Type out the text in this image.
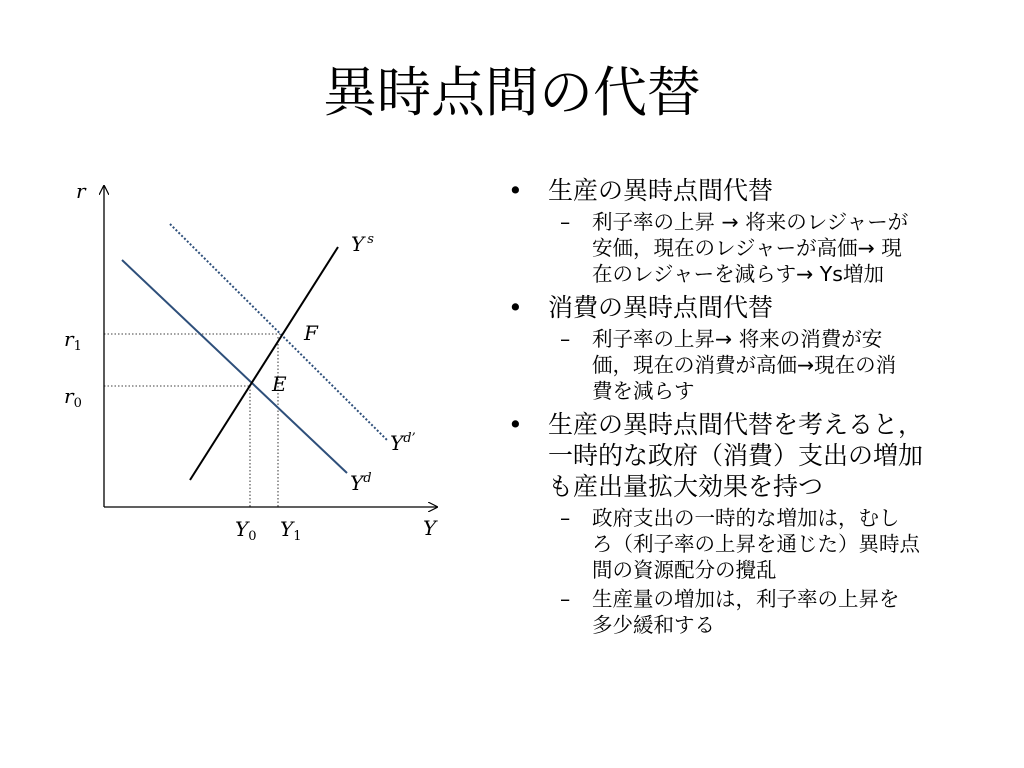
異時点間の代替
r
Y
$r_1$
$r_0$
$Y_0$ $Y_1$
E
F
Y $^s$
$Y^{d’}$
$Y^d$
• 生産の異時点間代替
– 利子率の上昇 → 将来のレジャーが
安価，現在のレジャーが高価→ 現
在のレジャーを減らす→ Ys増加
• 消費の異時点間代替
– 利子率の上昇→ 将来の消費が安
価，現在の消費が高価→現在の消
費を減らす
• 生産の異時点間代替を考えると，
一時的な政府（消費）支出の増加
も産出量拡大効果を持つ
– 政府支出の一時的な増加は，むし
ろ（利子率の上昇を通じた）異時点
間の資源配分の攪乱
– 生産量の増加は，利子率の上昇を
多少緩和する
